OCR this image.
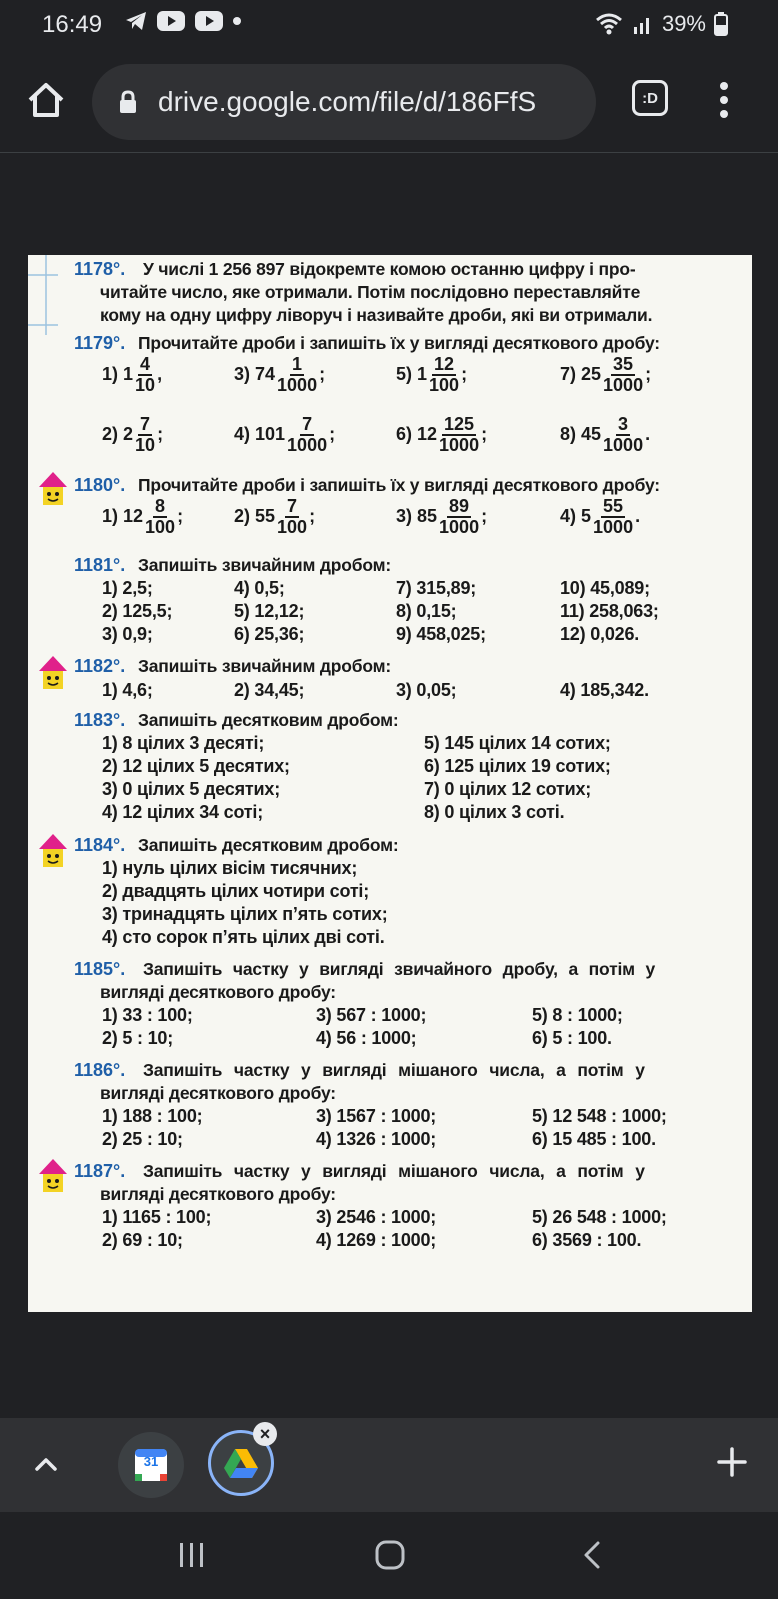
16:49	39%
drive.google.com/file/d/186FfS	:D
1178°. У числі 1 256 897 відокремте комою останню цифру і про-
читайте число, яке отримали. Потім послідовно переставляйте
кому на одну цифру ліворуч і називайте дроби, які ви отримали.
1179°. Прочитайте дроби і запишіть їх у вигляді десяткового дробу:
1) $1 \frac{4}{10}$ ,	3) $74 \frac{1}{1000}$ ;	5) $1 \frac{12}{100}$ ;	7) $25 \frac{35}{1000}$ ;
2) $2 \frac{7}{10}$ ;	4) $101 \frac{7}{1000}$ ;	6) $12 \frac{125}{1000}$ ;	8) $45 \frac{3}{1000}$ .
1180°. Прочитайте дроби і запишіть їх у вигляді десяткового дробу:
1) $12 \frac{8}{100}$ ;	2) $55 \frac{7}{100}$ ;	3) $85 \frac{89}{1000}$ ;	4) $5 \frac{55}{1000}$ .
1181°. Запишіть звичайним дробом:
1) 2,5;	4) 0,5;	7) 315,89;	10) 45,089;
2) 125,5;	5) 12,12;	8) 0,15;	11) 258,063;
3) 0,9;	6) 25,36;	9) 458,025;	12) 0,026.
1182°. Запишіть звичайним дробом:
1) 4,6;	2) 34,45;	3) 0,05;	4) 185,342.
1183°. Запишіть десятковим дробом:
1) 8 цілих 3 десяті;	5) 145 цілих 14 сотих;
2) 12 цілих 5 десятих;	6) 125 цілих 19 сотих;
3) 0 цілих 5 десятих;	7) 0 цілих 12 сотих;
4) 12 цілих 34 соті;	8) 0 цілих 3 соті.
1184°. Запишіть десятковим дробом:
1) нуль цілих вісім тисячних;
2) двадцять цілих чотири соті;
3) тринадцять цілих п’ять сотих;
4) сто сорок п’ять цілих дві соті.
1185°. Запишіть частку у вигляді звичайного дробу, а потім у
вигляді десяткового дробу:
1) 33 : 100;	3) 567 : 1000;	5) 8 : 1000;
2) 5 : 10;	4) 56 : 1000;	6) 5 : 100.
1186°. Запишіть частку у вигляді мішаного числа, а потім у
вигляді десяткового дробу:
1) 188 : 100;	3) 1567 : 1000;	5) 12 548 : 1000;
2) 25 : 10;	4) 1326 : 1000;	6) 15 485 : 100.
1187°. Запишіть частку у вигляді мішаного числа, а потім у
вигляді десяткового дробу:
1) 1165 : 100;	3) 2546 : 1000;	5) 26 548 : 1000;
2) 69 : 10;	4) 1269 : 1000;	6) 3569 : 100.
31
×
